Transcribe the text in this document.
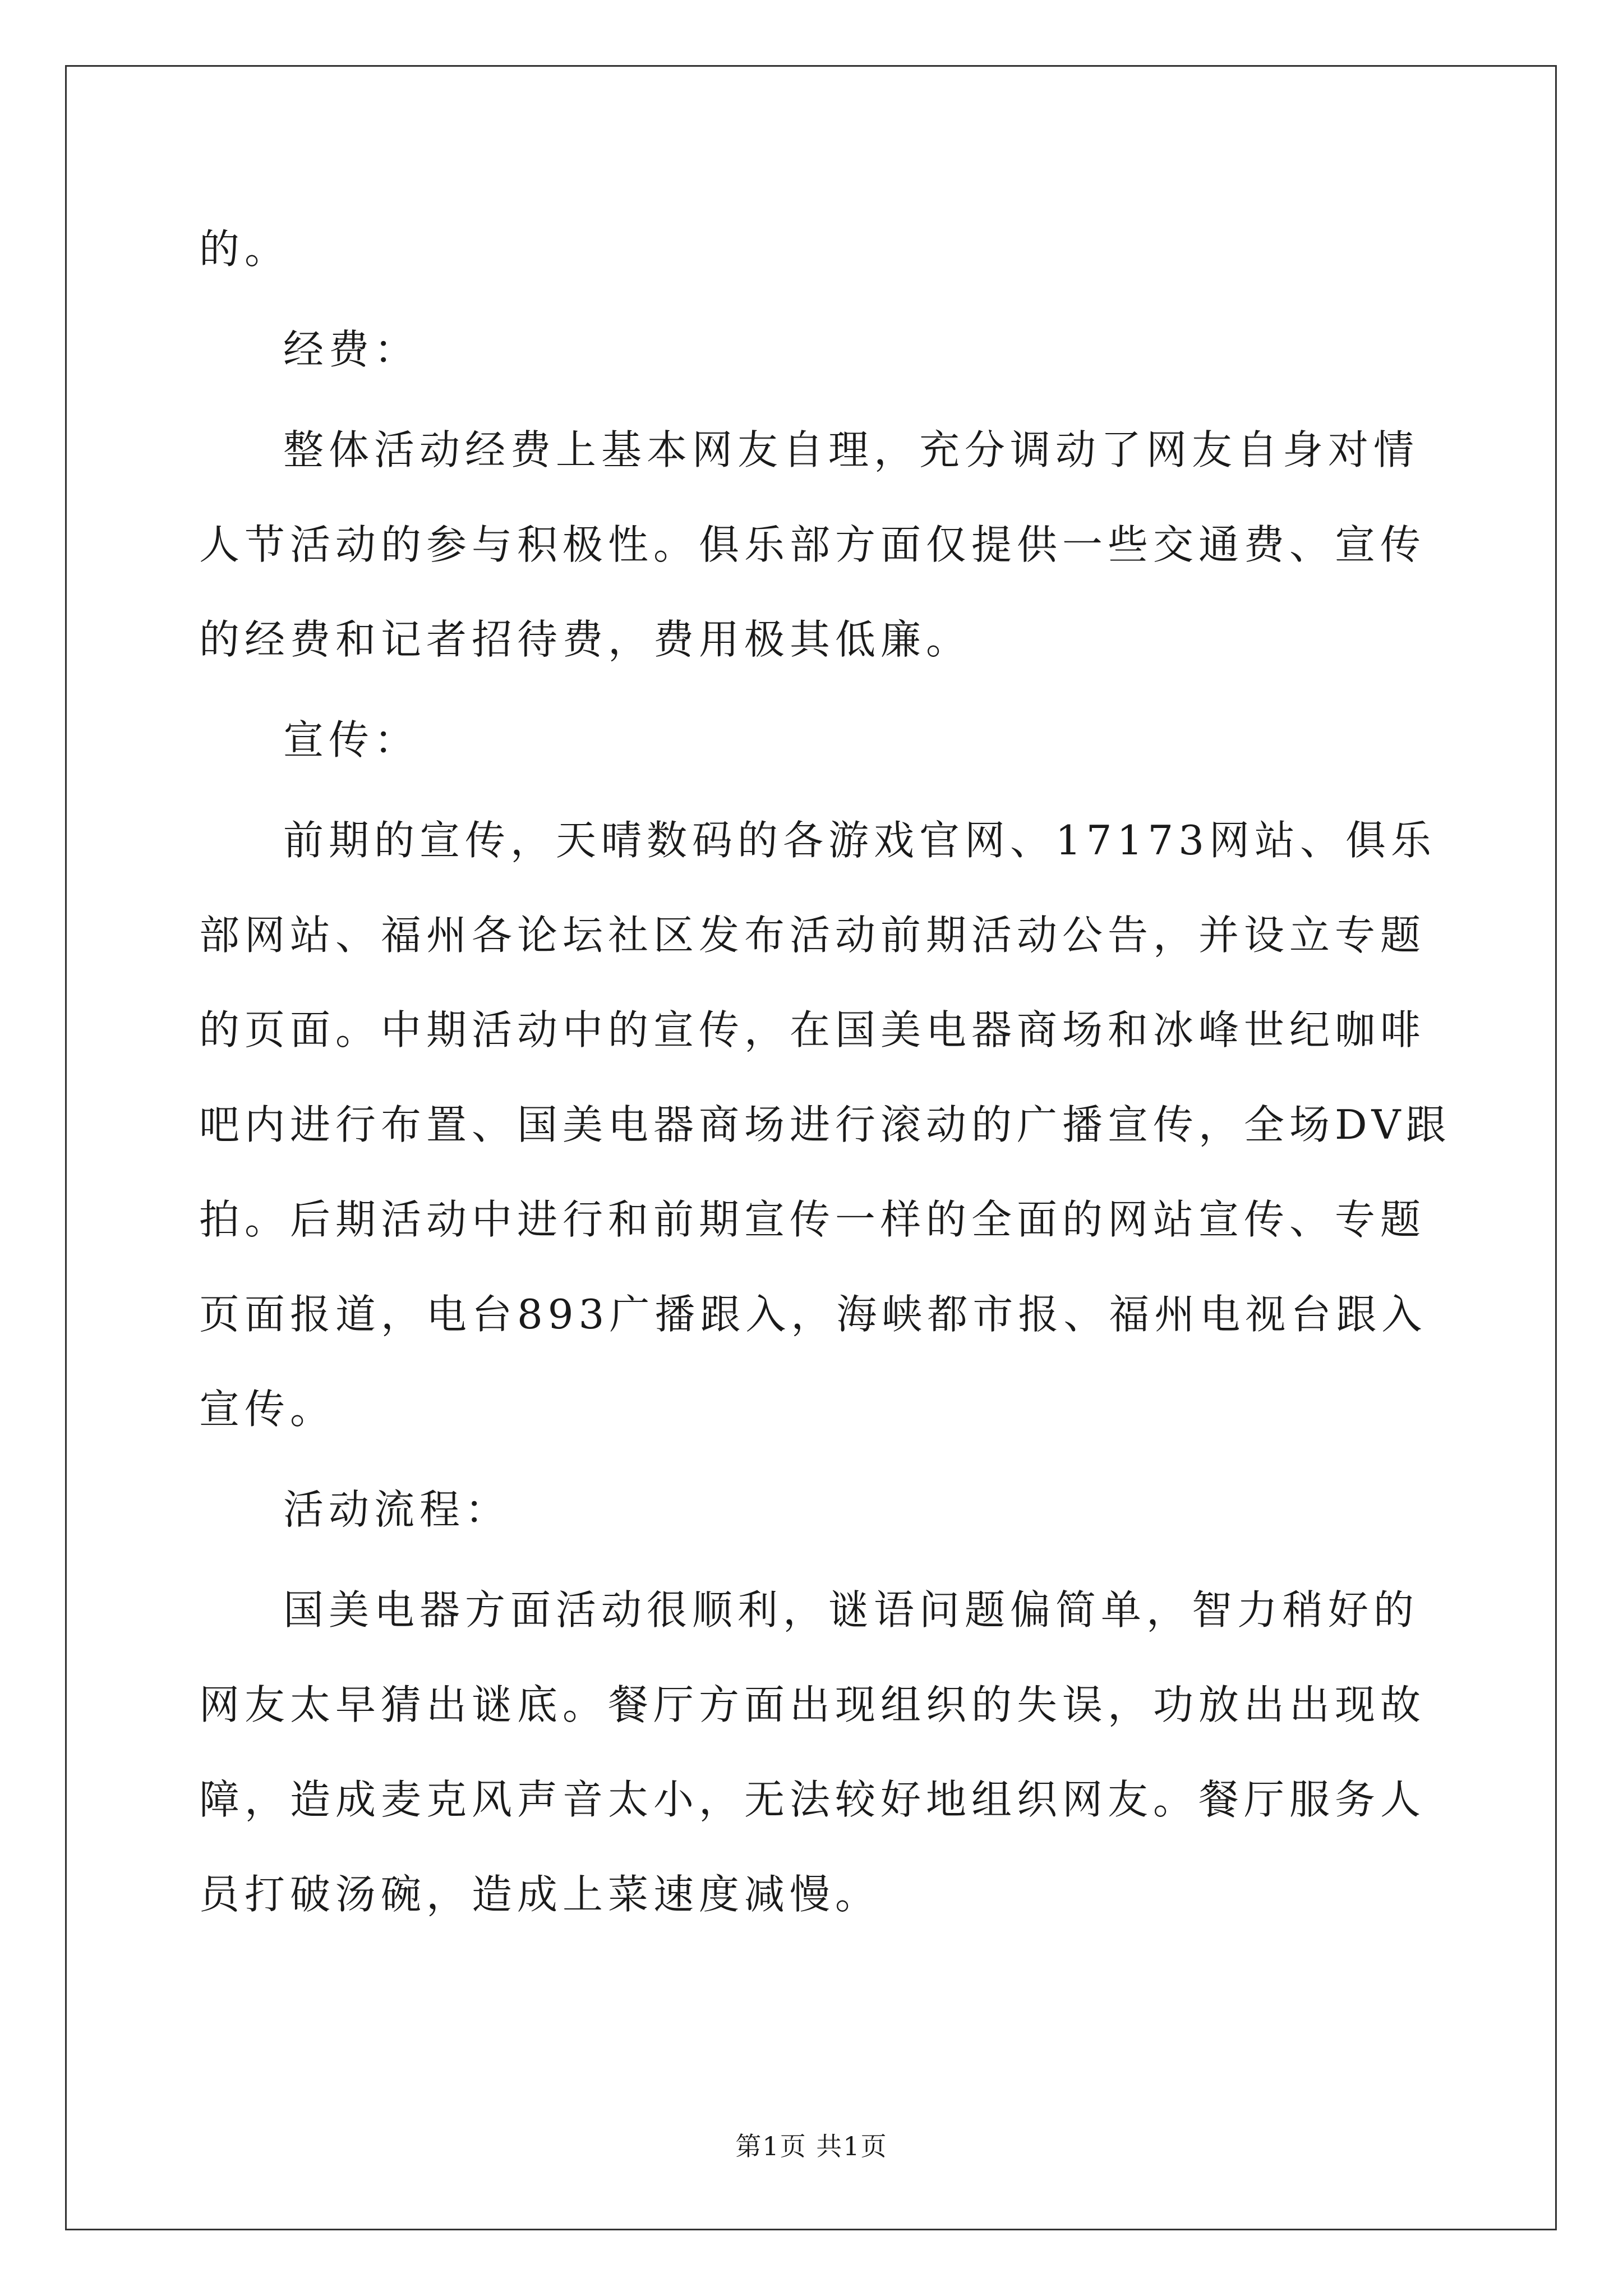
的。

经费：

整体活动经费上基本网友自理，充分调动了网友自身对情人节活动的参与积极性。俱乐部方面仅提供一些交通费、宣传的经费和记者招待费，费用极其低廉。

宣传：

前期的宣传，天晴数码的各游戏官网、17173网站、俱乐部网站、福州各论坛社区发布活动前期活动公告，并设立专题的页面。中期活动中的宣传，在国美电器商场和冰峰世纪咖啡吧内进行布置、国美电器商场进行滚动的广播宣传，全场DV跟拍。后期活动中进行和前期宣传一样的全面的网站宣传、专题页面报道，电台893广播跟入，海峡都市报、福州电视台跟入宣传。

活动流程：

国美电器方面活动很顺利，谜语问题偏简单，智力稍好的网友太早猜出谜底。餐厅方面出现组织的失误，功放出出现故障，造成麦克风声音太小，无法较好地组织网友。餐厅服务人员打破汤碗，造成上菜速度减慢。

第1页 共1页
